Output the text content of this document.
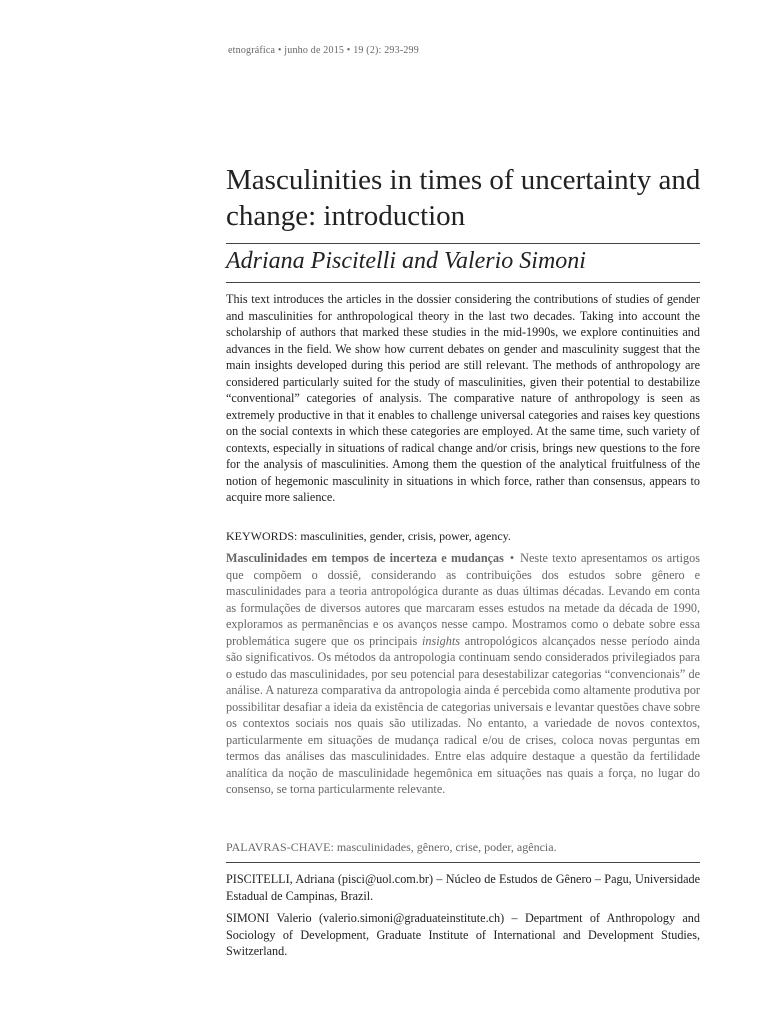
etnográfica • junho de 2015 • 19 (2): 293-299
Masculinities in times of uncertainty and change: introduction
Adriana Piscitelli and Valerio Simoni

This text introduces the articles in the dossier considering the contributions of studies of gender and masculinities for anthropological theory in the last two decades. Taking into account the scholarship of authors that marked these studies in the mid-1990s, we explore continuities and advances in the field. We show how current debates on gender and masculinity suggest that the main insights developed during this period are still relevant. The methods of anthropology are considered particularly suited for the study of masculinities, given their potential to destabilize “conventional” categories of analysis. The comparative nature of anthropology is seen as extremely productive in that it enables to challenge universal categories and raises key questions on the social contexts in which these categories are employed. At the same time, such variety of contexts, especially in situations of radical change and/or crisis, brings new questions to the fore for the analysis of masculinities. Among them the question of the analytical fruitfulness of the notion of hegemonic masculinity in situations in which force, rather than consensus, appears to acquire more salience.

KEYWORDS: masculinities, gender, crisis, power, agency.

Masculinidades em tempos de incerteza e mudanças • Neste texto apresentamos os artigos que compõem o dossiê, considerando as contribuições dos estudos sobre gênero e masculinidades para a teoria antropológica durante as duas últimas décadas. Levando em conta as formulações de diversos autores que marcaram esses estudos na metade da década de 1990, exploramos as permanências e os avanços nesse campo. Mostramos como o debate sobre essa problemática sugere que os principais insights antropológicos alcançados nesse período ainda são significativos. Os métodos da antropologia continuam sendo considerados privilegiados para o estudo das masculinidades, por seu potencial para desestabilizar categorias “convencionais” de análise. A natureza comparativa da antropologia ainda é percebida como altamente produtiva por possibilitar desafiar a ideia da existência de categorias universais e levantar questões chave sobre os contextos sociais nos quais são utilizadas. No entanto, a variedade de novos contextos, particularmente em situações de mudança radical e/ou de crises, coloca novas perguntas em termos das análises das masculinidades. Entre elas adquire destaque a questão da fertilidade analítica da noção de masculinidade hegemônica em situações nas quais a força, no lugar do consenso, se torna particularmente relevante.

PALAVRAS-CHAVE: masculinidades, gênero, crise, poder, agência.

PISCITELLI, Adriana (pisci@uol.com.br) – Núcleo de Estudos de Gênero – Pagu, Universidade Estadual de Campinas, Brazil.

SIMONI Valerio (valerio.simoni@graduateinstitute.ch) – Department of Anthropology and Sociology of Development, Graduate Institute of International and Development Studies, Switzerland.
